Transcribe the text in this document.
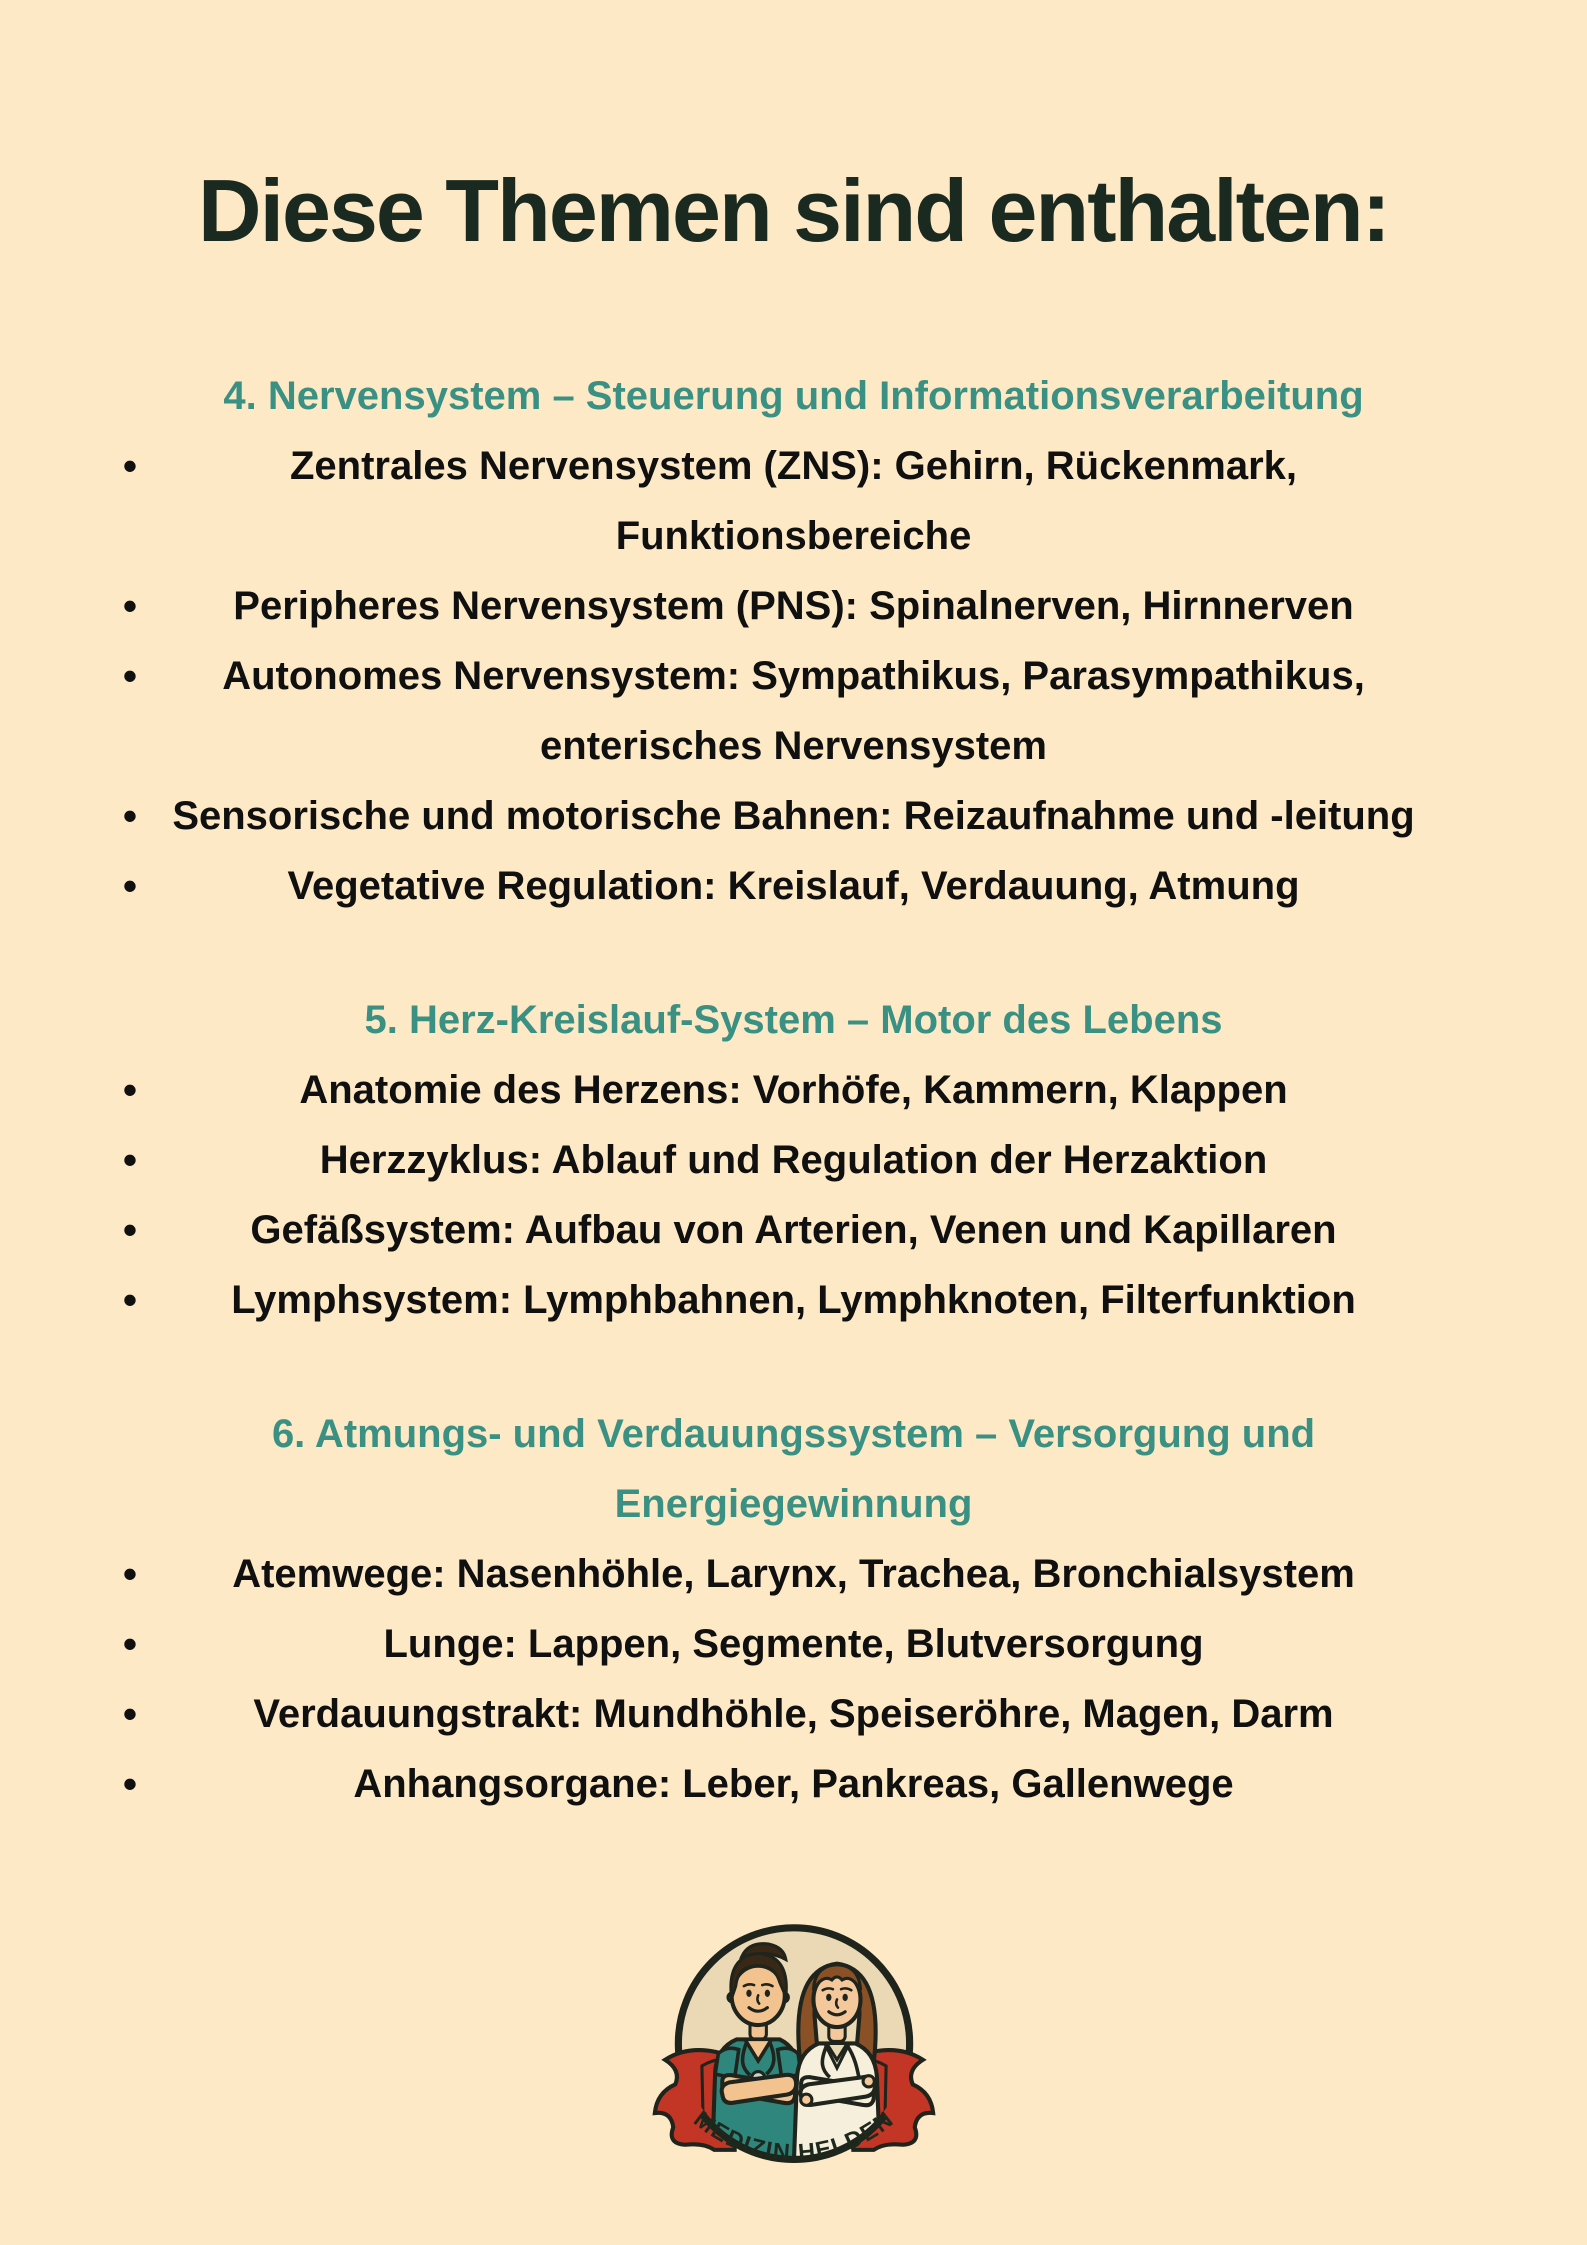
Diese Themen sind enthalten:
4. Nervensystem – Steuerung und Informationsverarbeitung
•	Zentrales Nervensystem (ZNS): Gehirn, Rückenmark, Funktionsbereiche
•	Peripheres Nervensystem (PNS): Spinalnerven, Hirnnerven
•	Autonomes Nervensystem: Sympathikus, Parasympathikus, enterisches Nervensystem
• Sensorische und motorische Bahnen: Reizaufnahme und -leitung
•	Vegetative Regulation: Kreislauf, Verdauung, Atmung
5. Herz-Kreislauf-System – Motor des Lebens
•	Anatomie des Herzens: Vorhöfe, Kammern, Klappen
•	Herzzyklus: Ablauf und Regulation der Herzaktion
•	Gefäßsystem: Aufbau von Arterien, Venen und Kapillaren
•	Lymphsystem: Lymphbahnen, Lymphknoten, Filterfunktion
6. Atmungs- und Verdauungssystem – Versorgung und Energiegewinnung
•	Atemwege: Nasenhöhle, Larynx, Trachea, Bronchialsystem
•	Lunge: Lappen, Segmente, Blutversorgung
•	Verdauungstrakt: Mundhöhle, Speiseröhre, Magen, Darm
•	Anhangsorgane: Leber, Pankreas, Gallenwege
MEDIZIN HELDEN
